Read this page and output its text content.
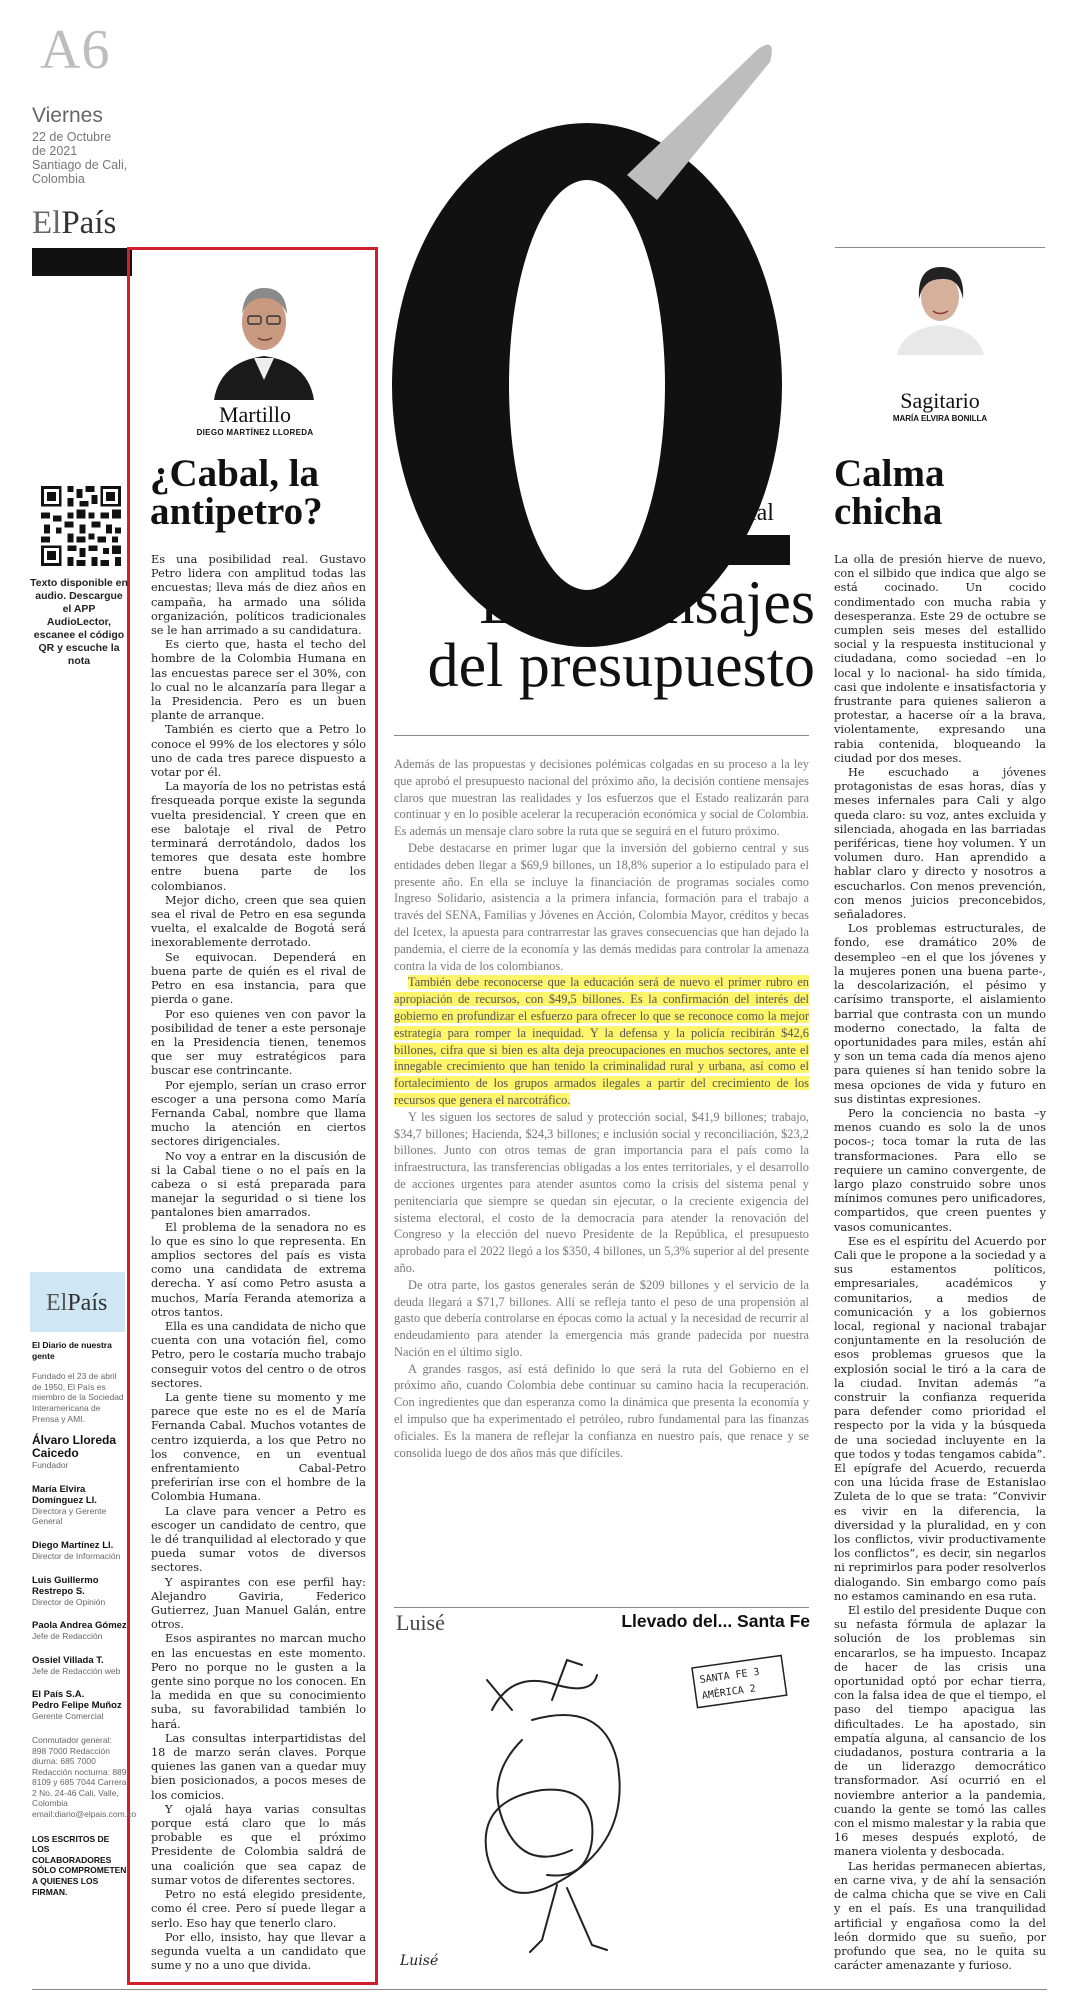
A6
Viernes
22 de Octubre
de 2021
Santiago de Cali,
Colombia
ElPaís
Martillo
DIEGO MARTÍNEZ LLOREDA
¿Cabal, la antipetro?

Es una posibilidad real. Gustavo Petro lidera con amplitud todas las encuestas; lleva más de diez años en campaña, ha armado una sólida organización, políticos tradicionales se le han arrimado a su candidatura.

Es cierto que, hasta el techo del hombre de la Colombia Humana en las encuestas parece ser el 30%, con lo cual no le alcanzaría para llegar a la Presidencia. Pero es un buen plante de arranque.

También es cierto que a Petro lo conoce el 99% de los electores y sólo uno de cada tres parece dispuesto a votar por él.

La mayoría de los no petristas está fresqueada porque existe la segunda vuelta presidencial. Y creen que en ese balotaje el rival de Petro terminará derrotándolo, dados los temores que desata este hombre entre buena parte de los colombianos.

Mejor dicho, creen que sea quien sea el rival de Petro en esa segunda vuelta, el exalcalde de Bogotá será inexorablemente derrotado.

Se equivocan. Dependerá en buena parte de quién es el rival de Petro en esa instancia, para que pierda o gane.

Por eso quienes ven con pavor la posibilidad de tener a este personaje en la Presidencia tienen, tenemos que ser muy estratégicos para buscar ese contrincante.

Por ejemplo, serían un craso error escoger a una persona como María Fernanda Cabal, nombre que llama mucho la atención en ciertos sectores dirigenciales.

No voy a entrar en la discusión de si la Cabal tiene o no el país en la cabeza o si está preparada para manejar la seguridad o si tiene los pantalones bien amarrados.

El problema de la senadora no es lo que es sino lo que representa. En amplios sectores del país es vista como una candidata de extrema derecha. Y así como Petro asusta a muchos, María Feranda atemoriza a otros tantos.

Ella es una candidata de nicho que cuenta con una votación fiel, como Petro, pero le costaría mucho trabajo conseguir votos del centro o de otros sectores.

La gente tiene su momento y me parece que este no es el de María Fernanda Cabal. Muchos votantes de centro izquierda, a los que Petro no los convence, en un eventual enfrentamiento Cabal-Petro preferirían irse con el hombre de la Colombia Humana.

La clave para vencer a Petro es escoger un candidato de centro, que le dé tranquilidad al electorado y que pueda sumar votos de diversos sectores.

Y aspirantes con ese perfil hay: Alejandro Gaviria, Federico Gutierrez, Juan Manuel Galán, entre otros.

Esos aspirantes no marcan mucho en las encuestas en este momento. Pero no porque no le gusten a la gente sino porque no los conocen. En la medida en que su conocimiento suba, su favorabilidad también lo hará.

Las consultas interpartidistas del 18 de marzo serán claves. Porque quienes las ganen van a quedar muy bien posicionados, a pocos meses de los comicios.

Y ojalá haya varias consultas porque está claro que lo más probable es que el próximo Presidente de Colombia saldrá de una coalición que sea capaz de sumar votos de diferentes sectores.

Petro no está elegido presidente, como él cree. Pero sí puede llegar a serlo. Eso hay que tenerlo claro.

Por ello, insisto, hay que llevar a segunda vuelta a un candidato que sume y no a uno que divida.

Texto disponible en audio. Descargue el APP AudioLector, escanee el código QR y escuche la nota
ElPaís
El Diario de nuestra gente
Fundado el 23 de abril de 1950, El País es miembro de la Sociedad Interamericana de Prensa y AMI.
Álvaro Lloreda Caicedo
Fundador
María Elvira Domínguez Ll.
Directora y Gerente General
Diego Martínez Ll.
Director de Información
Luis Guillermo Restrepo S.
Director de Opinión
Paola Andrea Gómez
Jefe de Redacción
Ossiel Villada T.
Jefe de Redacción web
El País S.A.
Pedro Felipe Muñoz
Gerente Comercial
Conmutador general: 898 7000 Redacción diurna: 685 7000 Redacción nocturna: 889 8109 y 685 7044 Carrera 2 No. 24-46 Cali, Valle, Colombia email:diario@elpais.com.co
LOS ESCRITOS DE LOS COLABORADORES SÓLO COMPROMETEN A QUIENES LOS FIRMAN.
Editorial
Los mensajes
del presupuesto

Además de las propuestas y decisiones polémicas colgadas en su proceso a la ley que aprobó el presupuesto nacional del próximo año, la decisión contiene mensajes claros que muestran las realidades y los esfuerzos que el Estado realizarán para continuar y en lo posible acelerar la recuperación económica y social de Colombia. Es además un mensaje claro sobre la ruta que se seguirá en el futuro próximo.

Debe destacarse en primer lugar que la inversión del gobierno central y sus entidades deben llegar a $69,9 billones, un 18,8% superior a lo estipulado para el presente año. En ella se incluye la financiación de programas sociales como Ingreso Solidario, asistencia a la primera infancia, formación para el trabajo a través del SENA, Familias y Jóvenes en Acción, Colombia Mayor, créditos y becas del Icetex, la apuesta para contrarrestar las graves consecuencias que han dejado la pandemia, el cierre de la economía y las demás medidas para controlar la amenaza contra la vida de los colombianos.

También debe reconocerse que la educación será de nuevo el primer rubro en apropiación de recursos, con $49,5 billones. Es la confirmación del interés del gobierno en profundizar el esfuerzo para ofrecer lo que se reconoce como la mejor estrategia para romper la inequidad. Y la defensa y la policía recibirán $42,6 billones, cifra que si bien es alta deja preocupaciones en muchos sectores, ante el innegable crecimiento que han tenido la criminalidad rural y urbana, así como el fortalecimiento de los grupos armados ilegales a partir del crecimiento de los recursos que genera el narcotráfico.

Y les siguen los sectores de salud y protección social, $41,9 billones; trabajo, $34,7 billones; Hacienda, $24,3 billones; e inclusión social y reconciliación, $23,2 billones. Junto con otros temas de gran importancia para el país como la infraestructura, las transferencias obligadas a los entes territoriales, y el desarrollo de acciones urgentes para atender asuntos como la crisis del sistema penal y penitenciaria que siempre se quedan sin ejecutar, o la creciente exigencia del sistema electoral, el costo de la democracia para atender la renovación del Congreso y la elección del nuevo Presidente de la República, el presupuesto aprobado para el 2022 llegó a los $350, 4 billones, un 5,3% superior al del presente año.

De otra parte, los gastos generales serán de $209 billones y el servicio de la deuda llegará a $71,7 billones. Allí se refleja tanto el peso de una propensión al gasto que debería controlarse en épocas como la actual y la necesidad de recurrir al endeudamiento para atender la emergencia más grande padecida por nuestra Nación en el último siglo.

A grandes rasgos, así está definido lo que será la ruta del Gobierno en el próximo año, cuando Colombia debe continuar su camino hacia la recuperación. Con ingredientes que dan esperanza como la dinámica que presenta la economía y el impulso que ha experimentado el petróleo, rubro fundamental para las finanzas oficiales. Es la manera de reflejar la confianza en nuestro país, que renace y se consolida luego de dos años más que difíciles.

Luisé	Llevado del... Santa Fe
SANTA FE 3
AMÉRICA 2
Luisé
Sagitario
MARÍA ELVIRA BONILLA
Calma chicha

La olla de presión hierve de nuevo, con el silbido que indica que algo se está cocinado. Un cocido condimentado con mucha rabia y desesperanza. Este 29 de octubre se cumplen seis meses del estallido social y la respuesta institucional y ciudadana, como sociedad –en lo local y lo nacional- ha sido tímida, casi que indolente e insatisfactoria y frustrante para quienes salieron a protestar, a hacerse oír a la brava, violentamente, expresando una rabia contenida, bloqueando la ciudad por dos meses.

He escuchado a jóvenes protagonistas de esas horas, días y meses infernales para Cali y algo queda claro: su voz, antes excluida y silenciada, ahogada en las barriadas periféricas, tiene hoy volumen. Y un volumen duro. Han aprendido a hablar claro y directo y nosotros a escucharlos. Con menos prevención, con menos juicios preconcebidos, señaladores.

Los problemas estructurales, de fondo, ese dramático 20% de desempleo –en el que los jóvenes y la mujeres ponen una buena parte-, la descolarización, el pésimo y carísimo transporte, el aislamiento barrial que contrasta con un mundo moderno conectado, la falta de oportunidades para miles, están ahí y son un tema cada día menos ajeno para quienes sí han tenido sobre la mesa opciones de vida y futuro en sus distintas expresiones.

Pero la conciencia no basta –y menos cuando es solo la de unos pocos-; toca tomar la ruta de las transformaciones. Para ello se requiere un camino convergente, de largo plazo construido sobre unos mínimos comunes pero unificadores, compartidos, que creen puentes y vasos comunicantes.

Ese es el espíritu del Acuerdo por Cali que le propone a la sociedad y a sus estamentos políticos, empresariales, académicos y comunitarios, a medios de comunicación y a los gobiernos local, regional y nacional trabajar conjuntamente en la resolución de esos problemas gruesos que la explosión social le tiró a la cara de la ciudad. Invitan además “a construir la confianza requerida para defender como prioridad el respecto por la vida y la búsqueda de una sociedad incluyente en la que todos y todas tengamos cabida”. El epígrafe del Acuerdo, recuerda con una lúcida frase de Estanislao Zuleta de lo que se trata: “Convivir es vivir en la diferencia, la diversidad y la pluralidad, en y con los conflictos, vivir productivamente los conflictos”, es decir, sin negarlos ni reprimirlos para poder resolverlos dialogando. Sin embargo como país no estamos caminando en esa ruta.

El estilo del presidente Duque con su nefasta fórmula de aplazar la solución de los problemas sin encararlos, se ha impuesto. Incapaz de hacer de las crisis una oportunidad optó por echar tierra, con la falsa idea de que el tiempo, el paso del tiempo apacigua las dificultades. Le ha apostado, sin empatía alguna, al cansancio de los ciudadanos, postura contraria a la de un liderazgo democrático transformador. Así ocurrió en el noviembre anterior a la pandemia, cuando la gente se tomó las calles con el mismo malestar y la rabia que 16 meses después explotó, de manera violenta y desbocada.

Las heridas permanecen abiertas, en carne viva, y de ahí la sensación de calma chicha que se vive en Cali y en el país. Es una tranquilidad artificial y engañosa como la del león dormido que su sueño, por profundo que sea, no le quita su carácter amenazante y furioso.
